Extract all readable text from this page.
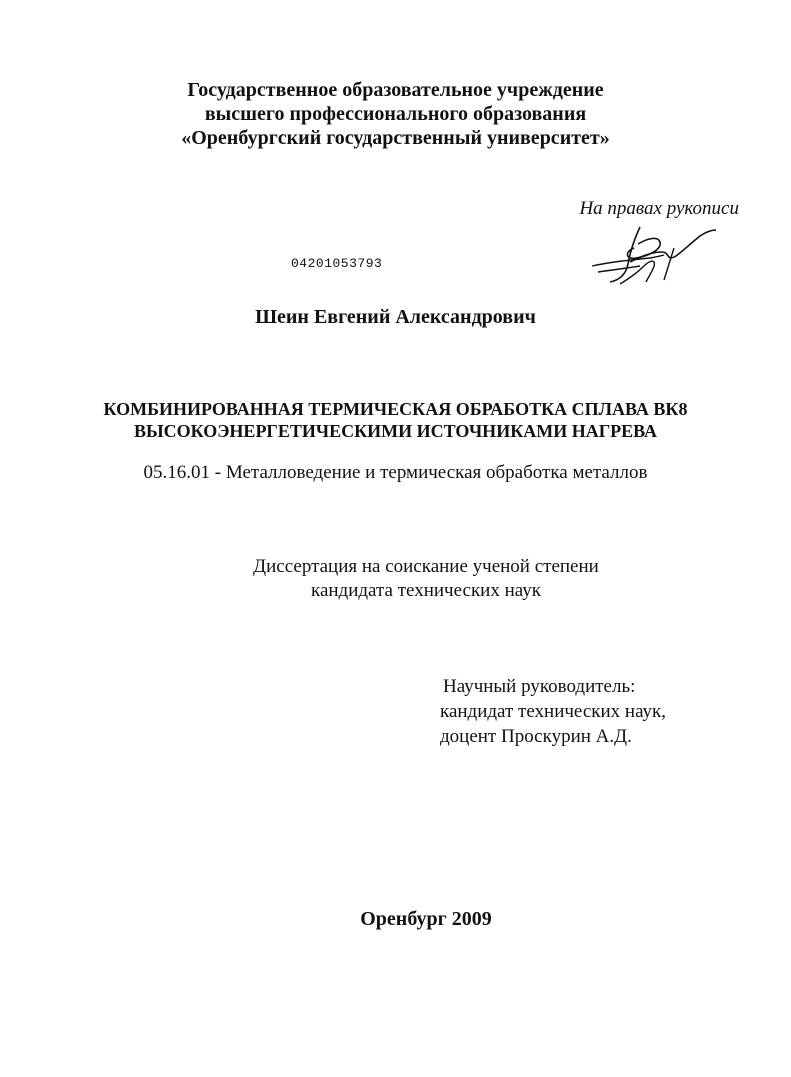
Государственное образовательное учреждение
высшего профессионального образования
«Оренбургский государственный университет»
На правах рукописи
04201053793
Шеин Евгений Александрович
КОМБИНИРОВАННАЯ ТЕРМИЧЕСКАЯ ОБРАБОТКА СПЛАВА ВК8
ВЫСОКОЭНЕРГЕТИЧЕСКИМИ ИСТОЧНИКАМИ НАГРЕВА
05.16.01 - Металловедение и термическая обработка металлов
Диссертация на соискание ученой степени
кандидата технических наук
Научный руководитель:
кандидат технических наук,
доцент Проскурин А.Д.
Оренбург 2009
